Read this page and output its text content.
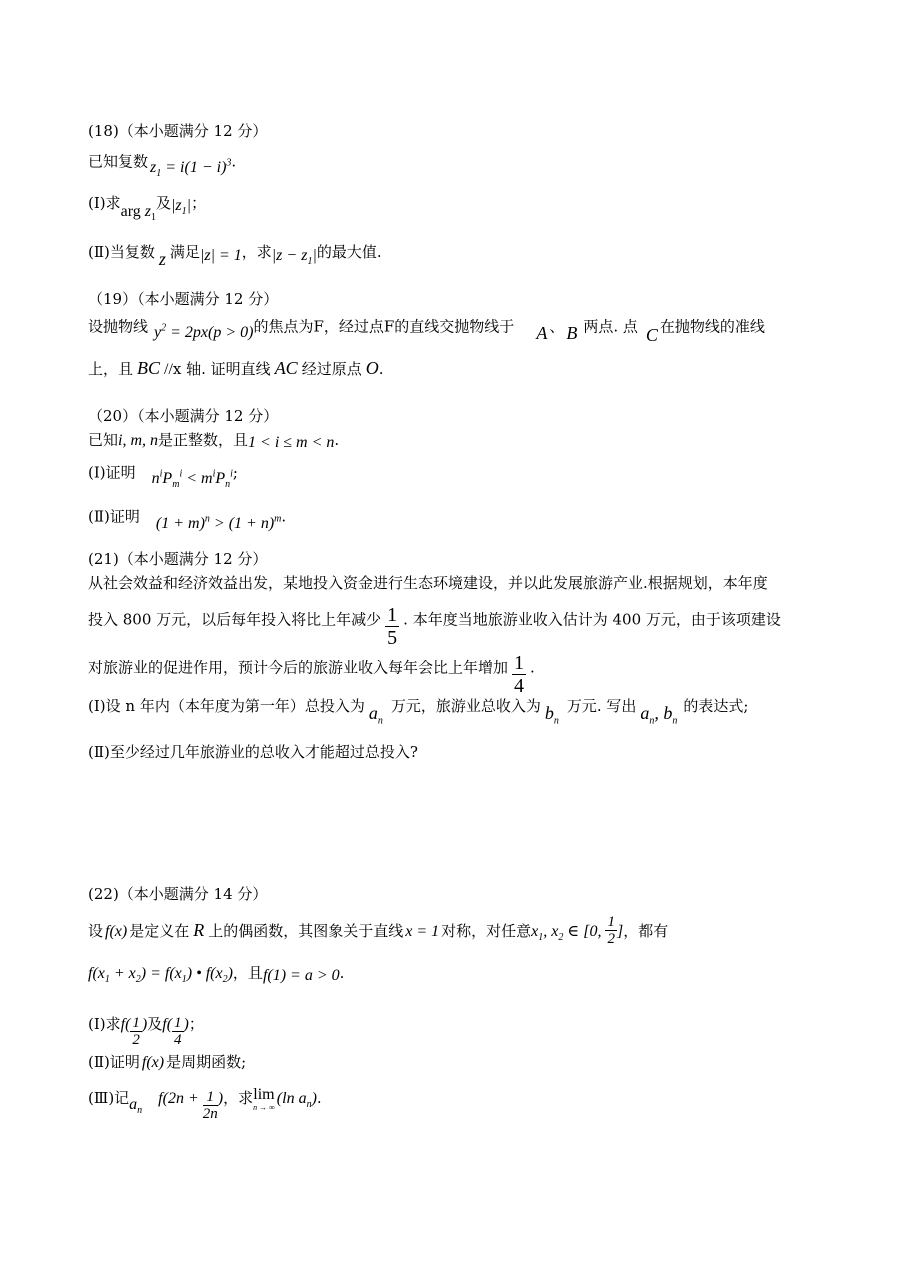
(18)（本小题满分 12 分）
已知复数 $z_1 = i(1 - i)^3$.
(Ⅰ)求arg $z_1$及$|z_1|$；
(Ⅱ)当复数 z 满足|z| = 1，求$|z - z_1|$的最大值.
（19）（本小题满分 12 分）
设抛物线 $y^2 = 2px(p > 0)$的焦点为F，经过点F的直线交抛物线于 A 、 B 两点. 点 C 在抛物线的准线
上，且 BC //x 轴. 证明直线 AC 经过原点 O.
（20）（本小题满分 12 分）
已知i, m, n是正整数，且1 < i ≤ m < n.
(Ⅰ)证明 $n^iP_m^i < m^iP_n^i$;
(Ⅱ)证明 $(1 + m)^n > (1 + n)^m$.
(21)（本小题满分 12 分）
从社会效益和经济效益出发，某地投入资金进行生态环境建设，并以此发展旅游产业.根据规划，本年度
投入 800 万元，以后每年投入将比上年减少 $\frac{1}{5}$ . 本年度当地旅游业收入估计为 400 万元，由于该项建设
对旅游业的促进作用，预计今后的旅游业收入每年会比上年增加 $\frac{1}{4}$ .
(Ⅰ)设 n 年内（本年度为第一年）总投入为 $a_n$万元，旅游业总收入为 $b_n$万元. 写出 $a_n$, $b_n$的表达式;
(Ⅱ)至少经过几年旅游业的总收入才能超过总投入?
(22)（本小题满分 14 分）
设 f(x) 是定义在 R 上的偶函数，其图象关于直线 x = 1 对称，对任意$x_1$, $x_2$ ∈ [0, $\frac{1}{2}$ ]，都有
$f(x_1 + x_2) = f(x_1)$ • $f(x_2)$，且f(1) = a > 0.
(Ⅰ)求$f( \frac{1}{2}$ )及$f( \frac{1}{4}$ )；
(Ⅱ)证明 f(x) 是周期函数;
(Ⅲ)记$a_nf(2n + \frac{1}{2n}$ )，求 lim
n → ∞
(ln $a_n$).
